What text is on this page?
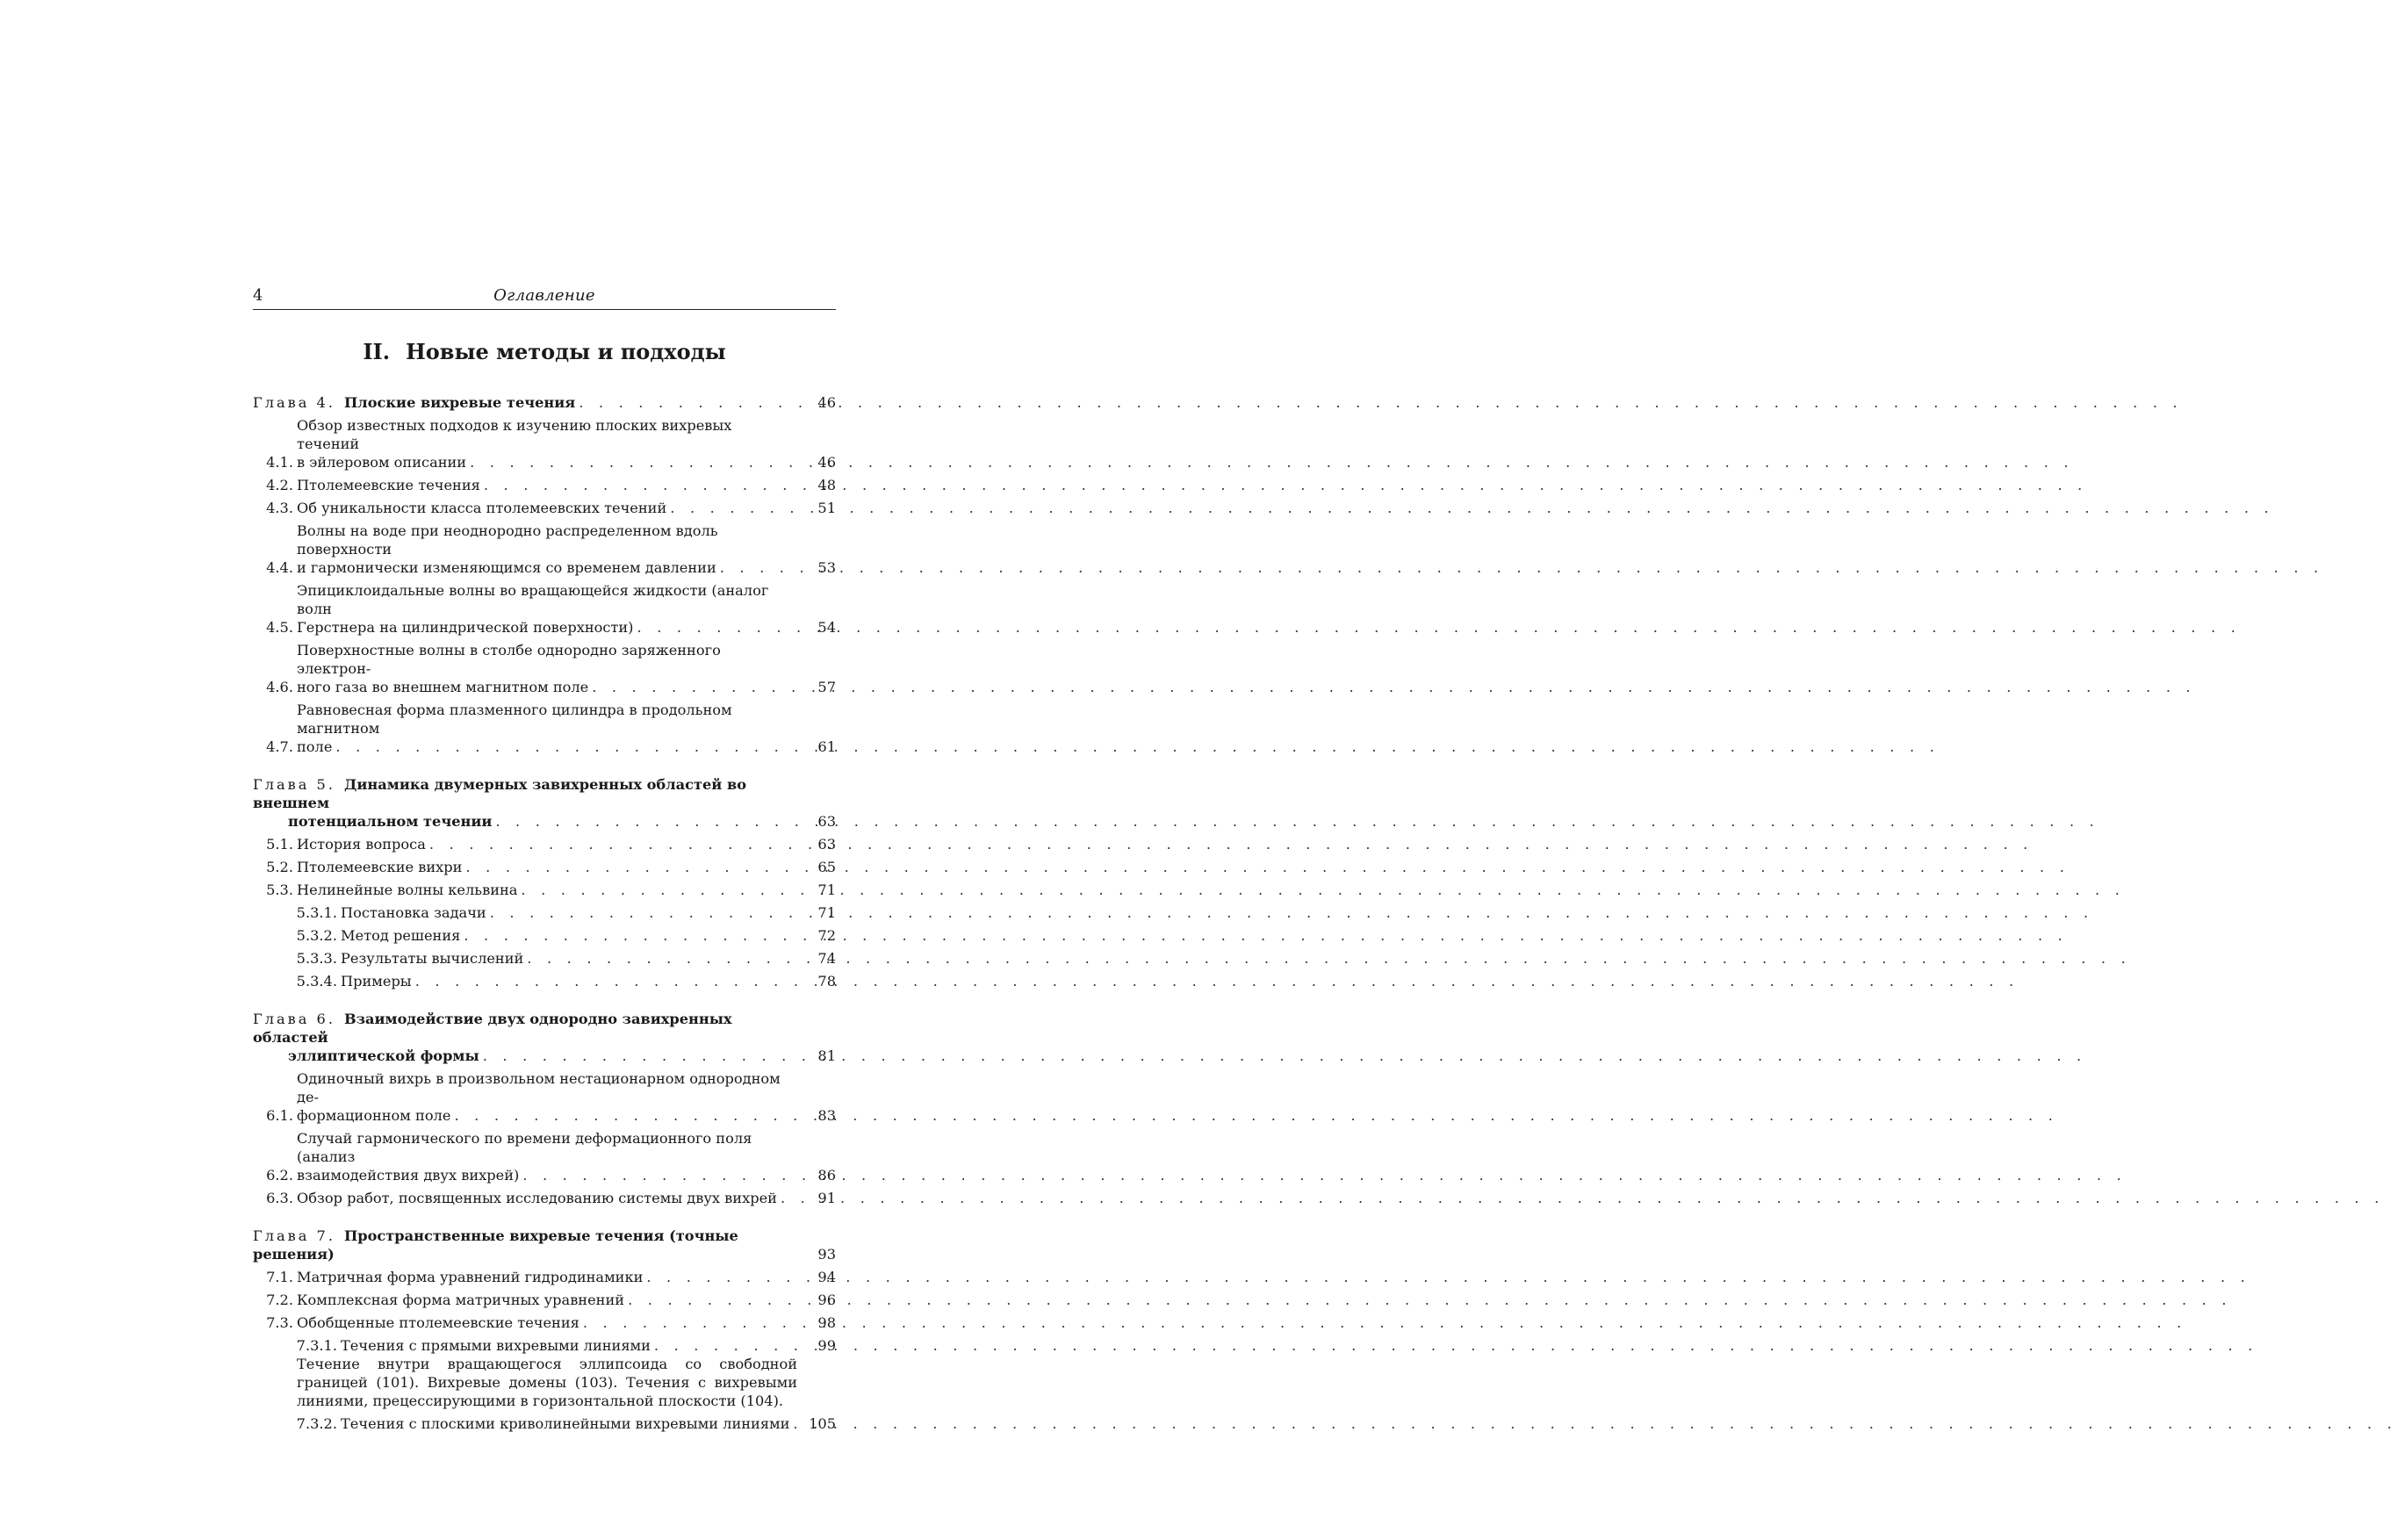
4	Оглавление
II. Новые методы и подходы
Глава 4. Плоские вихревые течения . . .	46
4.1.
Обзор известных подходов к изучению плоских вихревых течений
в эйлеровом описании . . .	46
4.2. Птолемеевские течения . . .	48
4.3. Об уникальности класса птолемеевских течений . . .	51
4.4.
Волны на воде при неоднородно распределенном вдоль поверхности
и гармонически изменяющимся со временем давлении . . .	53
4.5.
Эпициклоидальные волны во вращающейся жидкости (аналог волн
Герстнера на цилиндрической поверхности) . . .	54
4.6.
Поверхностные волны в столбе однородно заряженного электрон-
ного газа во внешнем магнитном поле . . .	57
4.7.
Равновесная форма плазменного цилиндра в продольном магнитном
поле . . .	61
Глава 5. Динамика двумерных завихренных областей во внешнем
потенциальном течении . . .	63
5.1. История вопроса . . .	63
5.2. Птолемеевские вихри . . .	65
5.3. Нелинейные волны кельвина . . .	71
5.3.1. Постановка задачи . . .	71
5.3.2. Метод решения . . .	72
5.3.3. Результаты вычислений . . .	74
5.3.4. Примеры . . .	78
Глава 6. Взаимодействие двух однородно завихренных областей
эллиптической формы . . .	81
6.1.
Одиночный вихрь в произвольном нестационарном однородном де-
формационном поле . . .	83
6.2.
Случай гармонического по времени деформационного поля (анализ
взаимодействия двух вихрей) . . .	86
6.3. Обзор работ, посвященных исследованию системы двух вихрей . . .	91
Глава 7. Пространственные вихревые течения (точные решения)	93
7.1. Матричная форма уравнений гидродинамики . . .	94
7.2. Комплексная форма матричных уравнений . . .	96
7.3. Обобщенные птолемеевские течения . . .	98
7.3.1. Течения с прямыми вихревыми линиями . . .	99
Течение внутри вращающегося эллипсоида со свободной границей (101). Вихревые домены (103). Течения с вихревыми линиями, прецессирующими в горизонтальной плоскости (104).
7.3.2. Течения с плоскими криволинейными вихревыми линиями . . .	105
